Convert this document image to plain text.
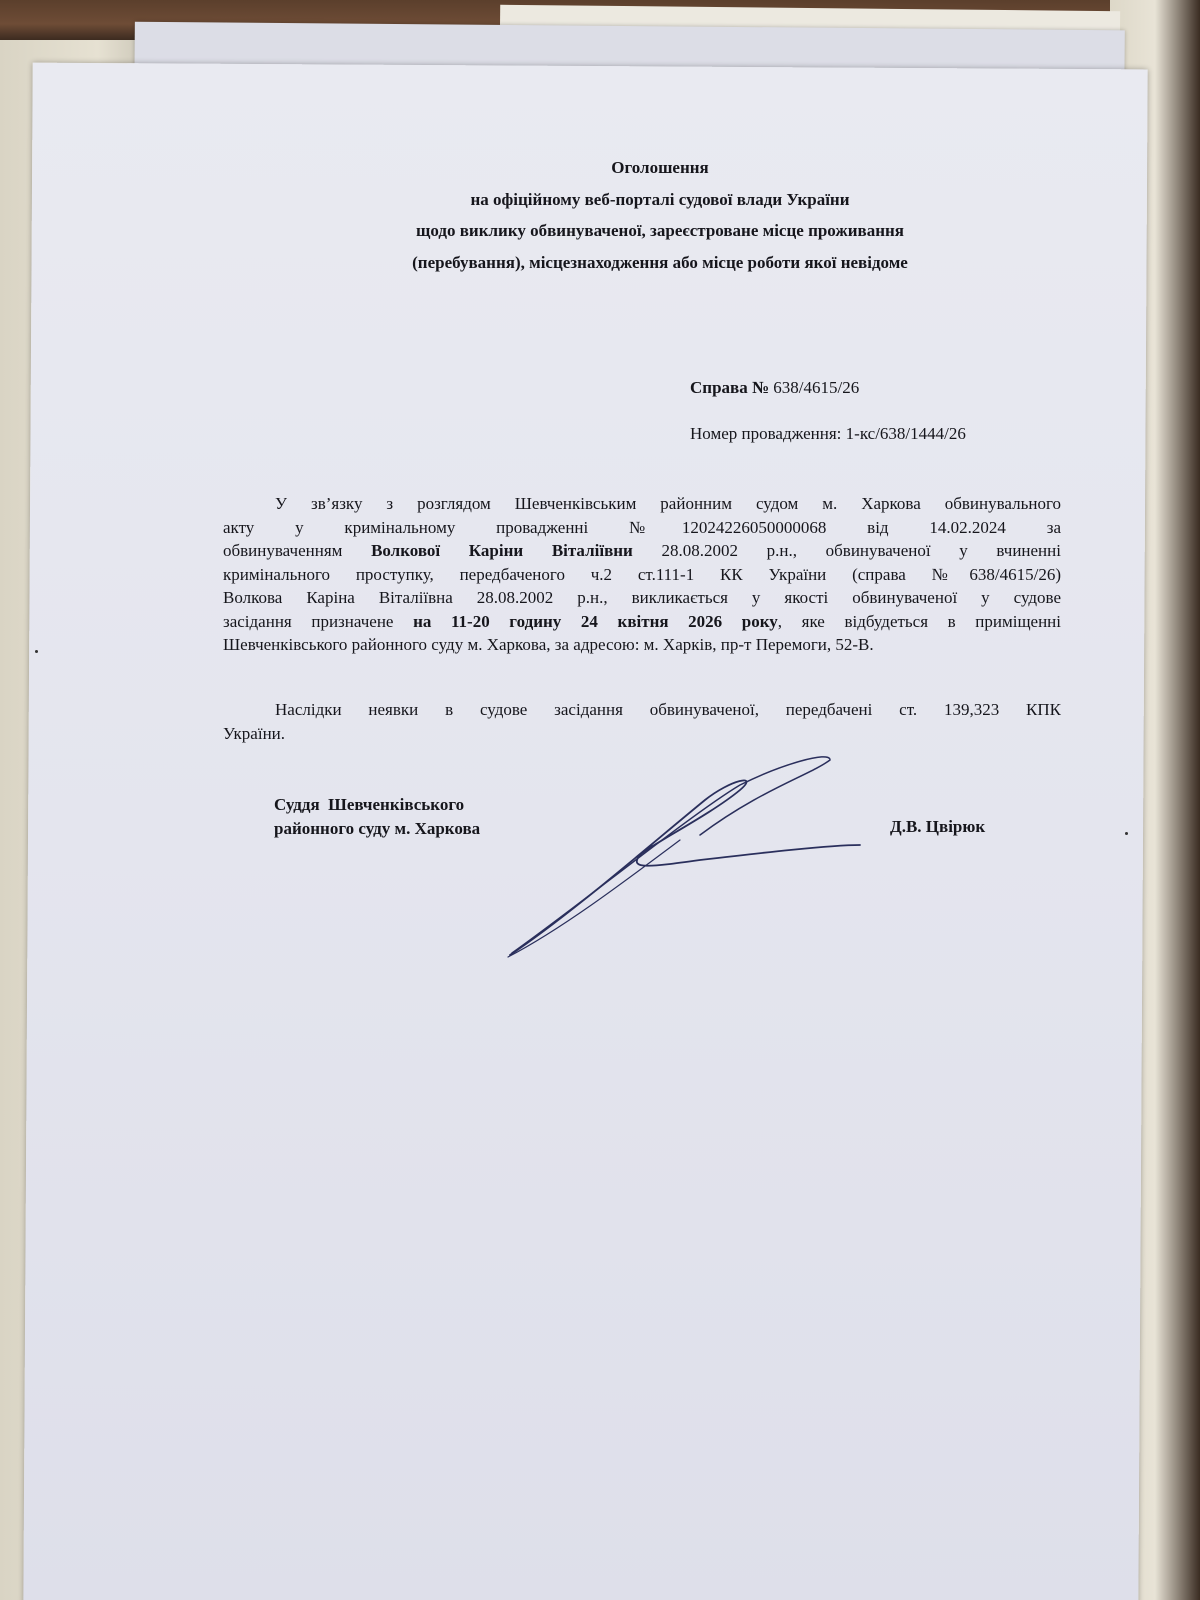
Оголошення
на офіційному веб-порталі судової влади України
щодо виклику обвинуваченої, зареєстроване місце проживання
(перебування), місцезнаходження або місце роботи якої невідоме
Справа № 638/4615/26
Номер провадження: 1-кс/638/1444/26
У зв’язку з розглядом Шевченківським районним судом м. Харкова обвинувального
акту у кримінальному провадженні №12024226050000068 від 14.02.2024 за
обвинуваченням Волкової Каріни Віталіївни 28.08.2002 р.н., обвинуваченої у вчиненні
кримінального проступку, передбаченого ч.2 ст.111-1 КК України (справа №638/4615/26)
Волкова Каріна Віталіївна 28.08.2002 р.н., викликається у якості обвинуваченої у судове
засідання призначене на 11-20 годину 24 квітня 2026 року, яке відбудеться в приміщенні
Шевченківського районного суду м. Харкова, за адресою: м. Харків, пр-т Перемоги, 52-В.
Наслідки неявки в судове засідання обвинуваченої, передбачені ст. 139,323 КПК
України.
Суддя  Шевченківського
районного суду м. Харкова	Д.В. Цвірюк
